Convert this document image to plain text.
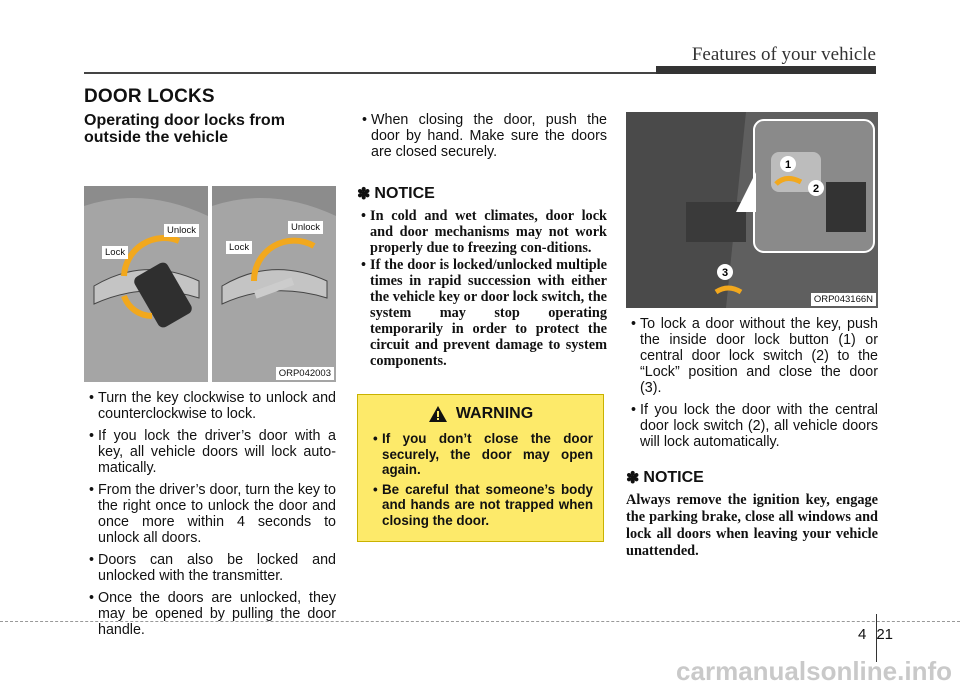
Features of your vehicle
DOOR LOCKS
Operating door locks from
outside the vehicle
Lock
Unlock
Lock
Unlock
ORP042003
• Turn the key clockwise to unlock and counterclockwise to lock.
• If you lock the driver’s door with a key, all vehicle doors will lock auto-matically.
• From the driver’s door, turn the key to the right once to unlock the door and once more within 4 seconds to unlock all doors.
• Doors can also be locked and unlocked with the transmitter.
• Once the doors are unlocked, they may be opened by pulling the door handle.
• When closing the door, push the door by hand. Make sure the doors are closed securely.
✽ NOTICE
• In cold and wet climates, door lock and door mechanisms may not work properly due to freezing con-ditions.
• If the door is locked/unlocked multiple times in rapid succession with either the vehicle key or door lock switch, the system may stop operating temporarily in order to protect the circuit and prevent damage to system components.
WARNING
• If you don’t close the door securely, the door may open again.
• Be careful that someone’s body and hands are not trapped when closing the door.
1
2
3
ORP043166N
• To lock a door without the key, push the inside door lock button (1) or central door lock switch (2) to the “Lock” position and close the door (3).
• If you lock the door with the central door lock switch (2), all vehicle doors will lock automatically.
✽ NOTICE

Always remove the ignition key, engage the parking brake, close all windows and lock all doors when leaving your vehicle unattended.

4 21
carmanualsonline.info
